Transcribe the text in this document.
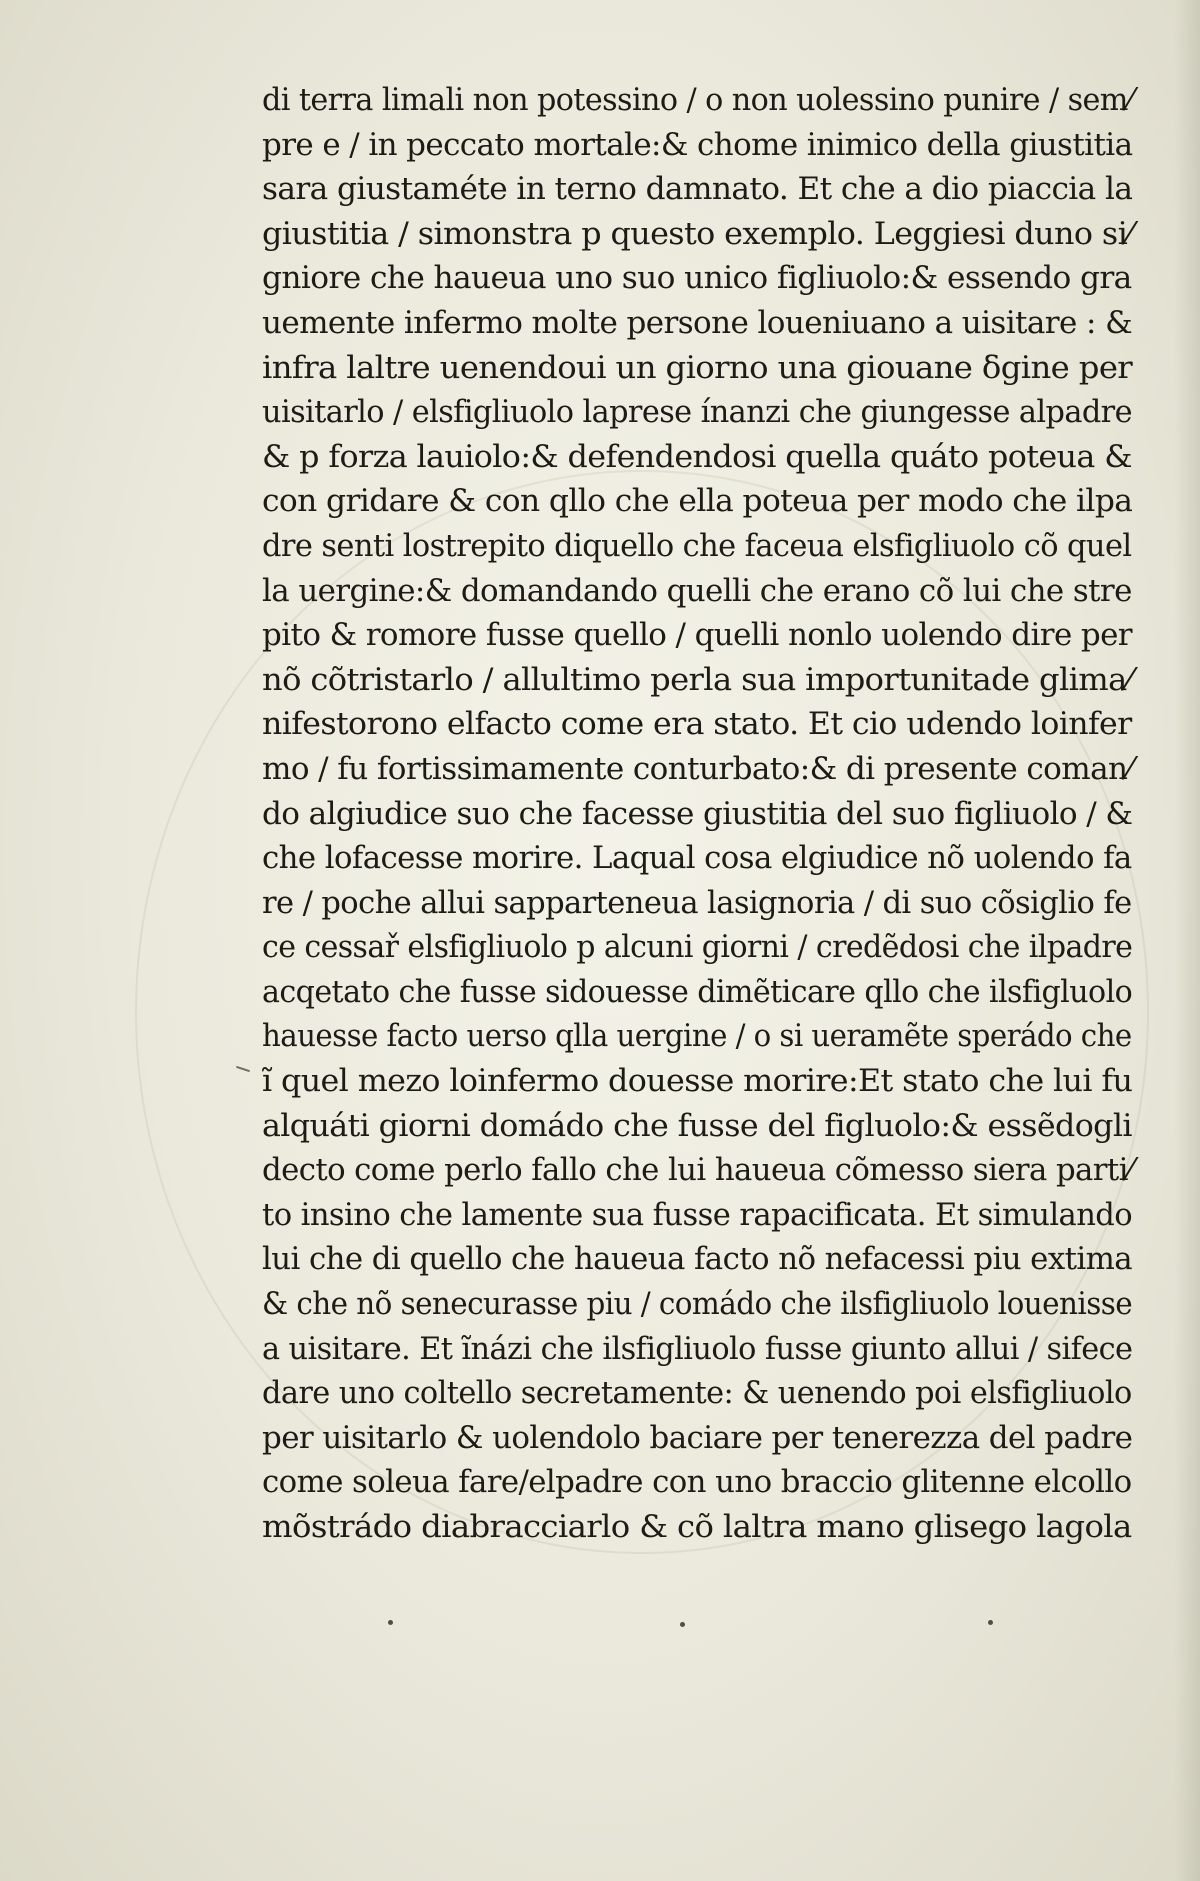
di terra limali non potessino / o non uolessino punire / sem⁄
pre e / in peccato mortale:& chome inimico della giustitia
sara giustaméte in terno damnato. Et che a dio piaccia la
giustitia / simonstra p questo exemplo. Leggiesi duno si⁄
gniore che haueua uno suo unico figliuolo:& essendo gra
uemente infermo molte persone loueniuano a uisitare : &
infra laltre uenendoui un giorno una giouane ẟgine per
uisitarlo / elsfigliuolo laprese ínanzi che giungesse alpadre
& p forza lauiolo:& defendendosi quella quáto poteua &
con gridare & con qllo che ella poteua per modo che ilpa
dre senti lostrepito diquello che faceua elsfigliuolo cõ quel
la uergine:& domandando quelli che erano cõ lui che stre
pito & romore fusse quello / quelli nonlo uolendo dire per
nõ cõtristarlo / allultimo perla sua importunitade glima⁄
nifestorono elfacto come era stato. Et cio udendo loinfer
mo / fu fortissimamente conturbato:& di presente coman⁄
do algiudice suo che facesse giustitia del suo figliuolo / &
che lofacesse morire. Laqual cosa elgiudice nõ uolendo fa
re / poche allui sapparteneua lasignoria / di suo cõsiglio fe
ce cessař elsfigliuolo p alcuni giorni / credẽdosi che ilpadre
acqetato che fusse sidouesse dimẽticare qllo che ilsfigluolo
hauesse facto uerso qlla uergine / o si ueramẽte sperádo che
ĩ quel mezo loinfermo douesse morire:Et stato che lui fu
alquáti giorni domádo che fusse del figluolo:& essẽdogli
decto come perlo fallo che lui haueua cõmesso siera parti⁄
to insino che lamente sua fusse rapacificata. Et simulando
lui che di quello che haueua facto nõ nefacessi piu extima
& che nõ senecurasse piu / comádo che ilsfigliuolo louenisse
a uisitare. Et ĩnázi che ilsfigliuolo fusse giunto allui / sifece
dare uno coltello secretamente: & uenendo poi elsfigliuolo
per uisitarlo & uolendolo baciare per tenerezza del padre
come soleua fare/elpadre con uno braccio glitenne elcollo
mõstrádo diabracciarlo & cõ laltra mano glisego lagola
